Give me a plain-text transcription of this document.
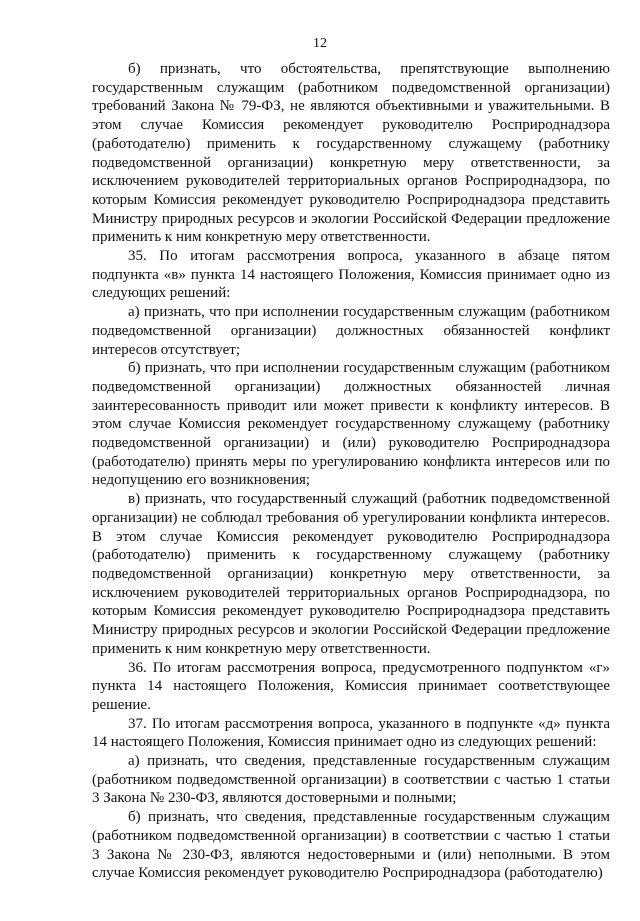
12

б) признать, что обстоятельства, препятствующие выполнению государственным служащим (работником подведомственной организации) требований Закона № 79-ФЗ, не являются объективными и уважительными. В этом случае Комиссия рекомендует руководителю Росприроднадзора (работодателю) применить к государственному служащему (работнику подведомственной организации) конкретную меру ответственности, за исключением руководителей территориальных органов Росприроднадзора, по которым Комиссия рекомендует руководителю Росприроднадзора представить Министру природных ресурсов и экологии Российской Федерации предложение применить к ним конкретную меру ответственности.

35. По итогам рассмотрения вопроса, указанного в абзаце пятом подпункта «в» пункта 14 настоящего Положения, Комиссия принимает одно из следующих решений:

а) признать, что при исполнении государственным служащим (работником подведомственной организации) должностных обязанностей конфликт интересов отсутствует;

б) признать, что при исполнении государственным служащим (работником подведомственной организации) должностных обязанностей личная заинтересованность приводит или может привести к конфликту интересов. В этом случае Комиссия рекомендует государственному служащему (работнику подведомственной организации) и (или) руководителю Росприроднадзора (работодателю) принять меры по урегулированию конфликта интересов или по недопущению его возникновения;

в) признать, что государственный служащий (работник подведомственной организации) не соблюдал требования об урегулировании конфликта интересов. В этом случае Комиссия рекомендует руководителю Росприроднадзора (работодателю) применить к государственному служащему (работнику подведомственной организации) конкретную меру ответственности, за исключением руководителей территориальных органов Росприроднадзора, по которым Комиссия рекомендует руководителю Росприроднадзора представить Министру природных ресурсов и экологии Российской Федерации предложение применить к ним конкретную меру ответственности.

36. По итогам рассмотрения вопроса, предусмотренного подпунктом «г» пункта 14 настоящего Положения, Комиссия принимает соответствующее решение.

37. По итогам рассмотрения вопроса, указанного в подпункте «д» пункта 14 настоящего Положения, Комиссия принимает одно из следующих решений:

а) признать, что сведения, представленные государственным служащим (работником подведомственной организации) в соответствии с частью 1 статьи 3 Закона № 230-ФЗ, являются достоверными и полными;

б) признать, что сведения, представленные государственным служащим (работником подведомственной организации) в соответствии с частью 1 статьи 3 Закона № 230-ФЗ, являются недостоверными и (или) неполными. В этом случае Комиссия рекомендует руководителю Росприроднадзора (работодателю)
